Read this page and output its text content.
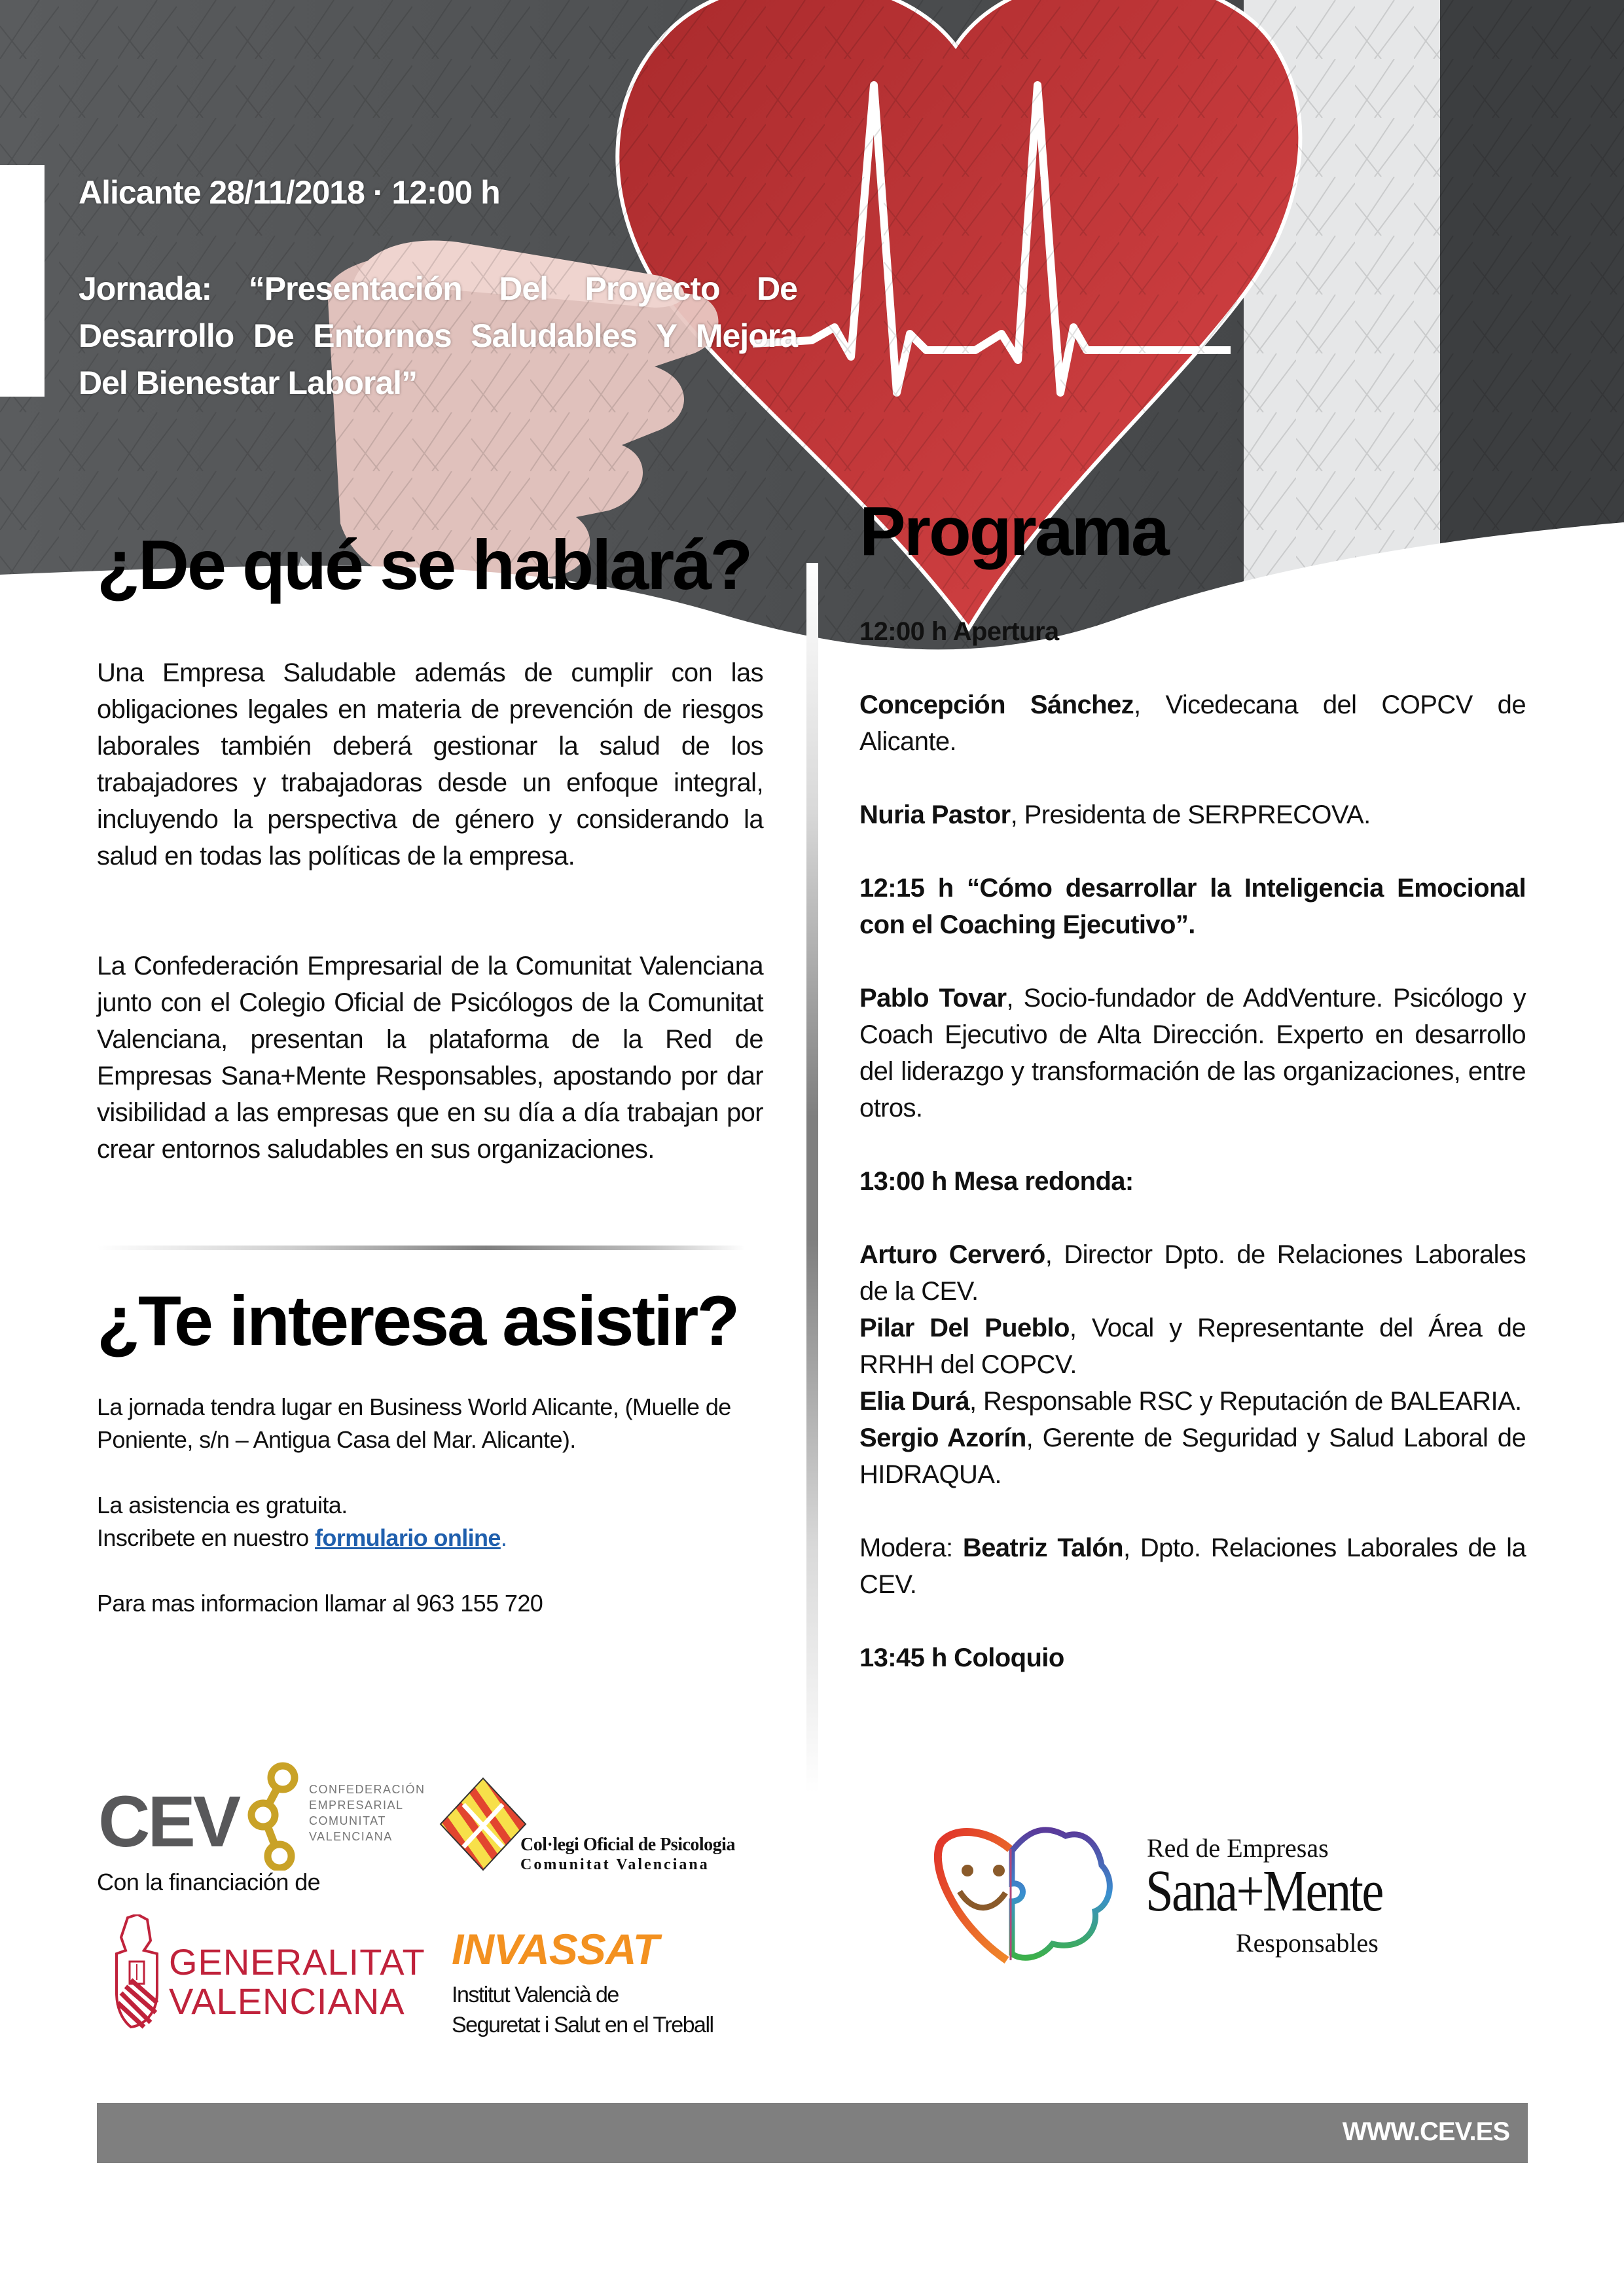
Alicante 28/11/2018 · 12:00 h
Jornada: “Presentación Del Proyecto De Desarrollo De Entornos Saludables Y Mejora Del Bienestar Laboral”
¿De qué se hablará? Programa

Una Empresa Saludable además de cumplir con las obligaciones legales en materia de prevención de riesgos laborales también deberá gestionar la salud de los trabajadores y trabajadoras desde un enfoque integral, incluyendo la perspectiva de género y considerando la salud en todas las políticas de la empresa.

La Confederación Empresarial de la Comunitat Valenciana junto con el Colegio Oficial de Psicólogos de la Comunitat Valenciana, presentan la plataforma de la Red de Empresas Sana+Mente Responsables, apostando por dar visibilidad a las empresas que en su día a día trabajan por crear entornos saludables en sus organizaciones.

¿Te interesa asistir?

La jornada tendra lugar en Business World Alicante, (Muelle de Poniente, s/n – Antigua Casa del Mar. Alicante).

La asistencia es gratuita.

Inscribete en nuestro formulario online.

Para mas informacion llamar al 963 155 720

12:00 h Apertura

Concepción Sánchez, Vicedecana del COPCV de Alicante.

Nuria Pastor, Presidenta de SERPRECOVA.

12:15 h “Cómo desarrollar la Inteligencia Emocional con el Coaching Ejecutivo”.

Pablo Tovar, Socio-fundador de AddVenture. Psicólogo y Coach Ejecutivo de Alta Dirección. Experto en desarrollo del liderazgo y transformación de las organizaciones, entre otros.

13:00 h Mesa redonda:

Arturo Cerveró, Director Dpto. de Relaciones Laborales de la CEV.

Pilar Del Pueblo, Vocal y Representante del Área de RRHH del COPCV.

Elia Durá, Responsable RSC y Reputación de BALEARIA.

Sergio Azorín, Gerente de Seguridad y Salud Laboral de HIDRAQUA.

Modera: Beatriz Talón, Dpto. Relaciones Laborales de la CEV.

13:45 h Coloquio

CEV	CONFEDERACIÓN
EMPRESARIAL
COMUNITAT
VALENCIANA
Con la financiación de
Col·legi Oficial de Psicologia
Comunitat Valenciana
GENERALITAT
VALENCIANA
INVASSAT
Institut Valencià de
Seguretat i Salut en el Treball
Red de Empresas
Sana+Mente
Responsables
WWW.CEV.ES
